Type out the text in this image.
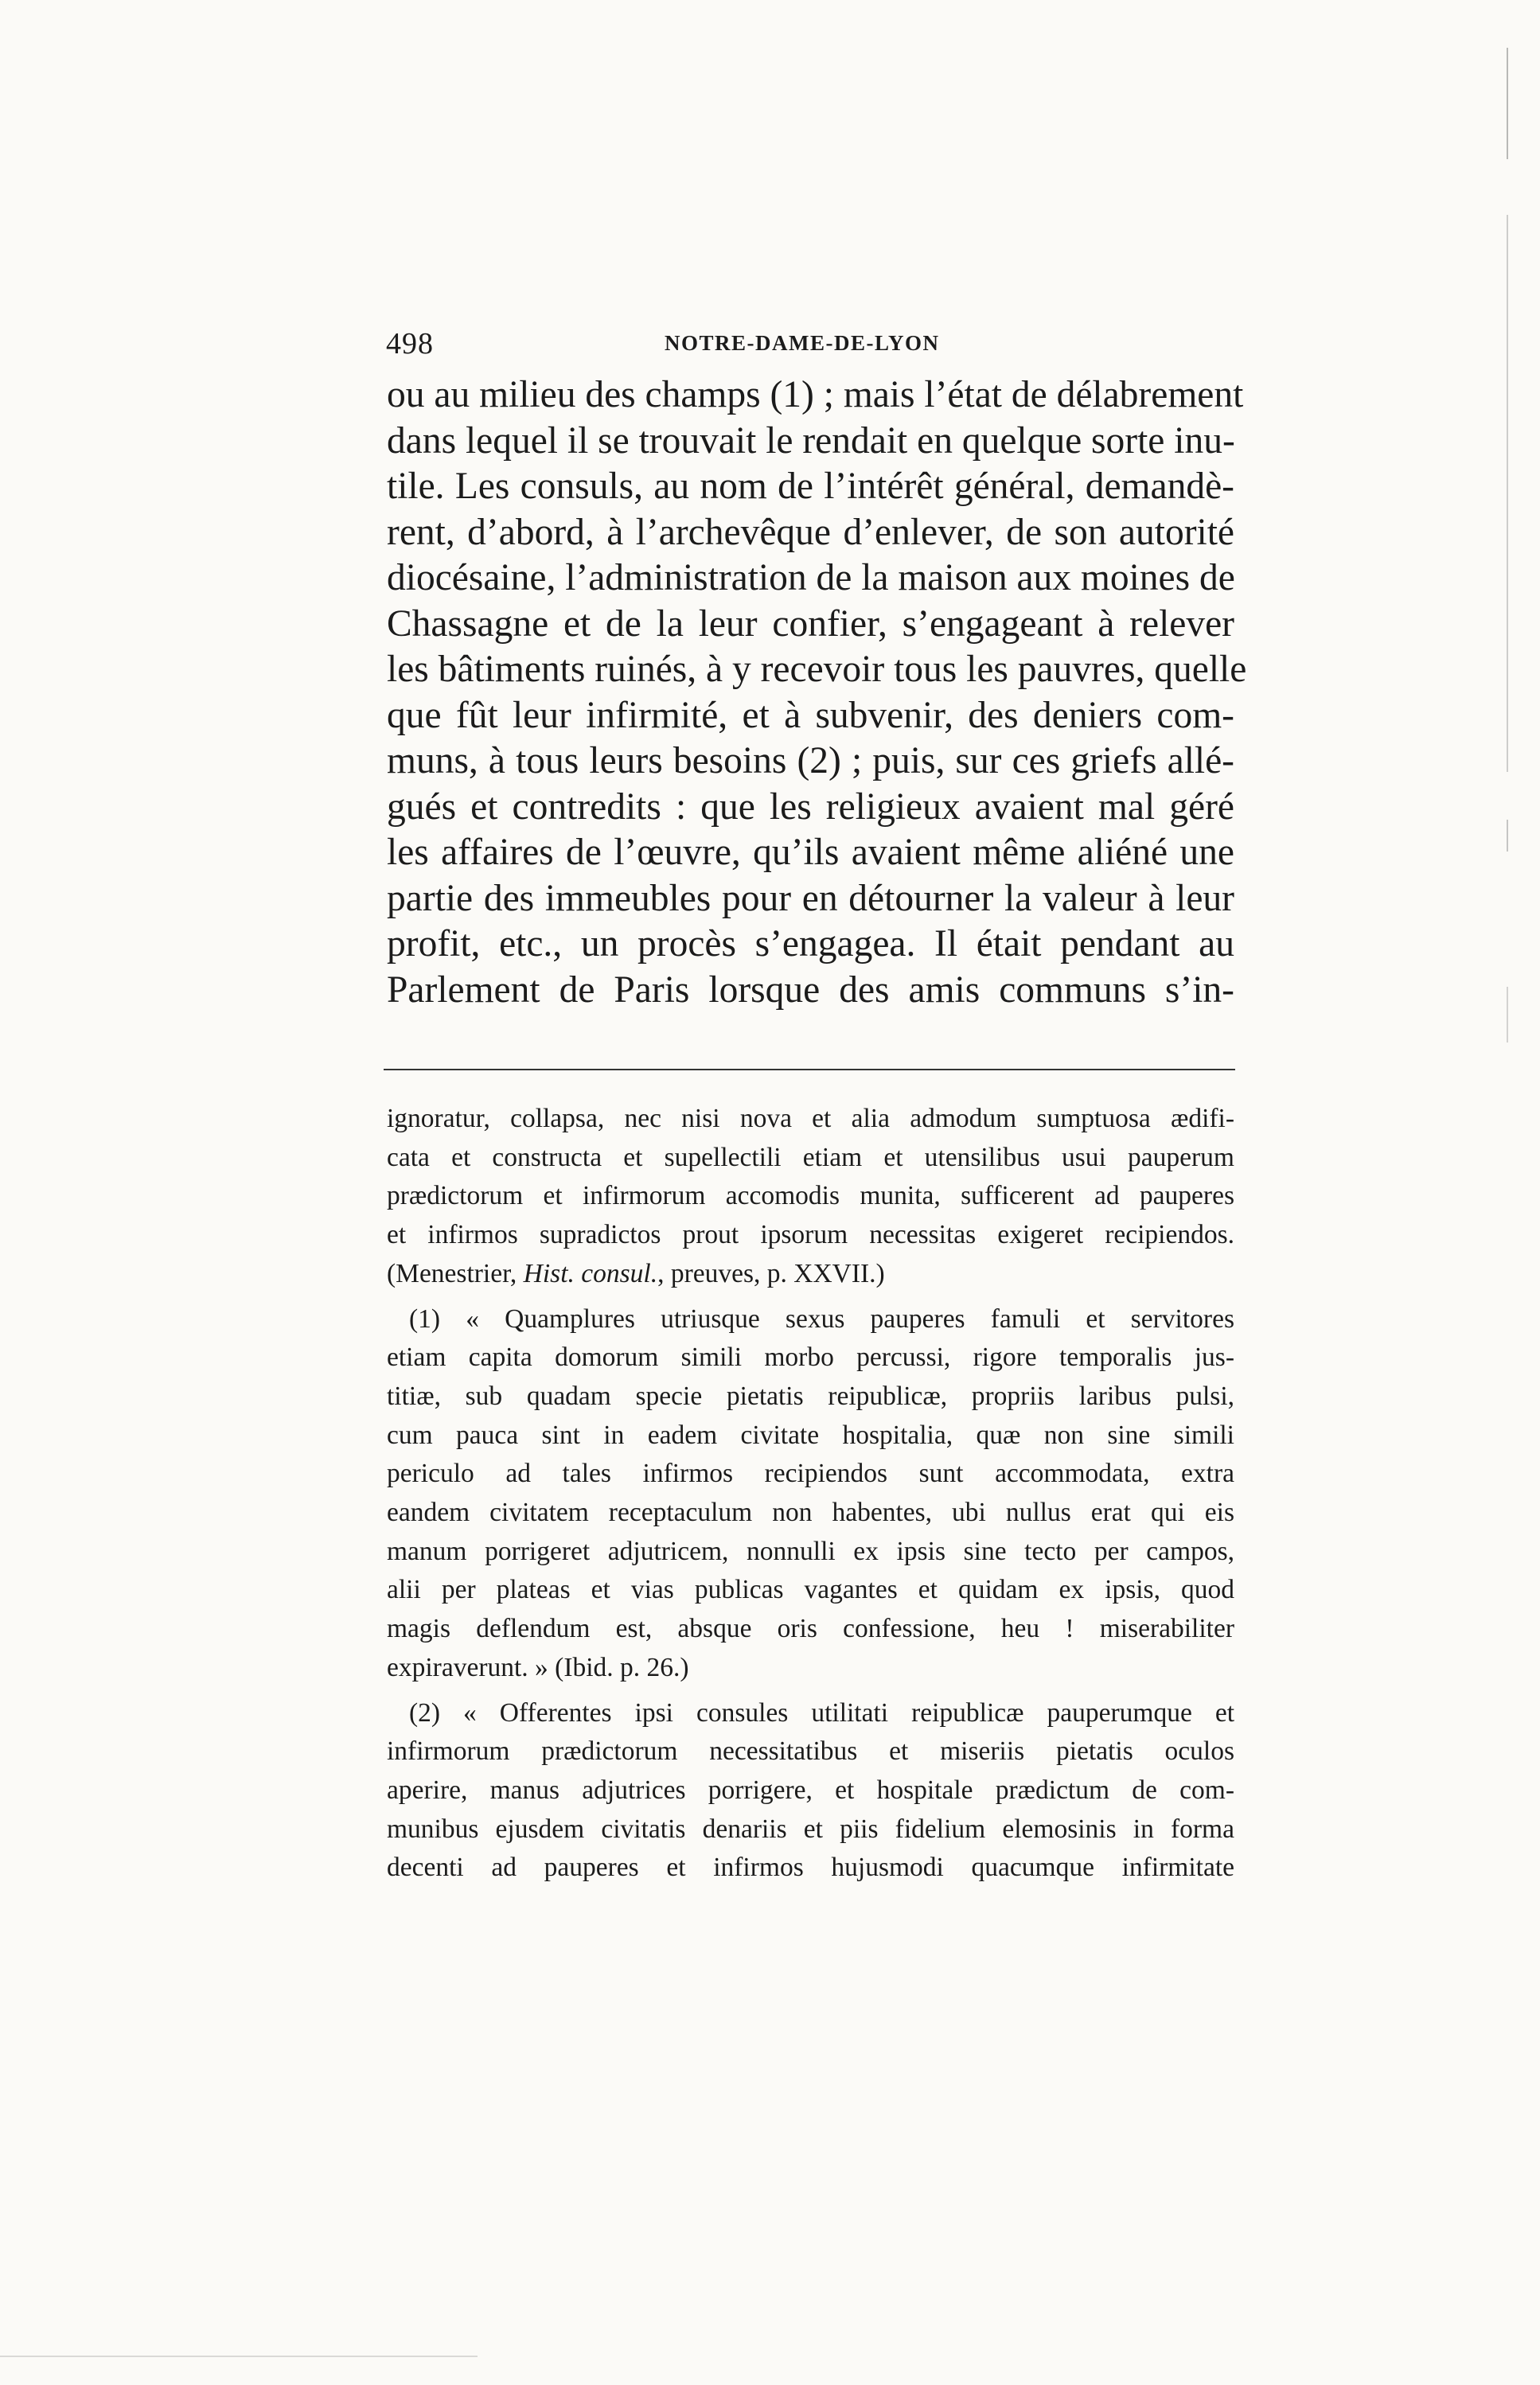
498	NOTRE-DAME-DE-LYON
ou au milieu des champs (1) ; mais l’état de délabrement
dans lequel il se trouvait le rendait en quelque sorte inu-
tile. Les consuls, au nom de l’intérêt général, demandè-
rent, d’abord, à l’archevêque d’enlever, de son autorité
diocésaine, l’administration de la maison aux moines de
Chassagne et de la leur confier, s’engageant à relever
les bâtiments ruinés, à y recevoir tous les pauvres, quelle
que fût leur infirmité, et à subvenir, des deniers com-
muns, à tous leurs besoins (2) ; puis, sur ces griefs allé-
gués et contredits : que les religieux avaient mal géré
les affaires de l’œuvre, qu’ils avaient même aliéné une
partie des immeubles pour en détourner la valeur à leur
profit, etc., un procès s’engagea. Il était pendant au
Parlement de Paris lorsque des amis communs s’in-
ignoratur, collapsa, nec nisi nova et alia admodum sumptuosa ædifi-
cata et constructa et supellectili etiam et utensilibus usui pauperum
prædictorum et infirmorum accomodis munita, sufficerent ad pauperes
et infirmos supradictos prout ipsorum necessitas exigeret recipiendos.
(Menestrier, Hist. consul., preuves, p. XXVII.)
(1) « Quamplures utriusque sexus pauperes famuli et servitores
etiam capita domorum simili morbo percussi, rigore temporalis jus-
titiæ, sub quadam specie pietatis reipublicæ, propriis laribus pulsi,
cum pauca sint in eadem civitate hospitalia, quæ non sine simili
periculo ad tales infirmos recipiendos sunt accommodata, extra
eandem civitatem receptaculum non habentes, ubi nullus erat qui eis
manum porrigeret adjutricem, nonnulli ex ipsis sine tecto per campos,
alii per plateas et vias publicas vagantes et quidam ex ipsis, quod
magis deflendum est, absque oris confessione, heu ! miserabiliter
expiraverunt. » (Ibid. p. 26.)
(2) « Offerentes ipsi consules utilitati reipublicæ pauperumque et
infirmorum prædictorum necessitatibus et miseriis pietatis oculos
aperire, manus adjutrices porrigere, et hospitale prædictum de com-
munibus ejusdem civitatis denariis et piis fidelium elemosinis in forma
decenti ad pauperes et infirmos hujusmodi quacumque infirmitate
